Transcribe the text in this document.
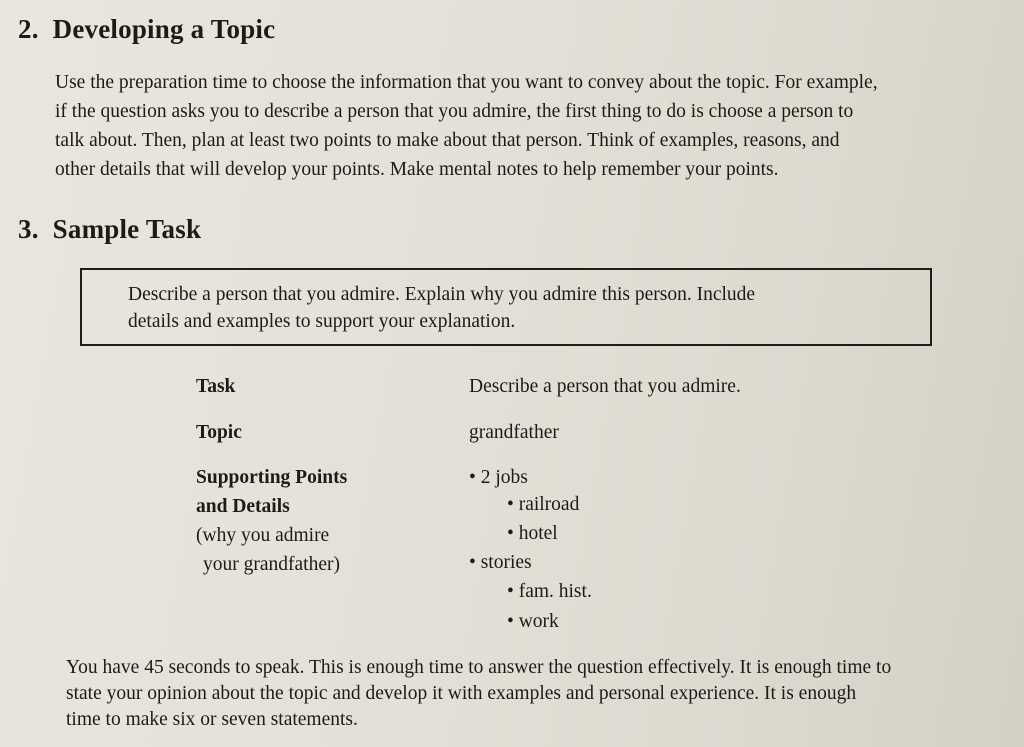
2. Developing a Topic
Use the preparation time to choose the information that you want to convey about the topic. For example,
if the question asks you to describe a person that you admire, the first thing to do is choose a person to
talk about. Then, plan at least two points to make about that person. Think of examples, reasons, and
other details that will develop your points. Make mental notes to help remember your points.
3. Sample Task
Describe a person that you admire. Explain why you admire this person. Include
details and examples to support your explanation.
Task	Describe a person that you admire.
Topic	grandfather
Supporting Points
and Details
(why you admire
your grandfather)
• 2 jobs
• railroad
• hotel
• stories
• fam. hist.
• work
You have 45 seconds to speak. This is enough time to answer the question effectively. It is enough time to
state your opinion about the topic and develop it with examples and personal experience. It is enough
time to make six or seven statements.
